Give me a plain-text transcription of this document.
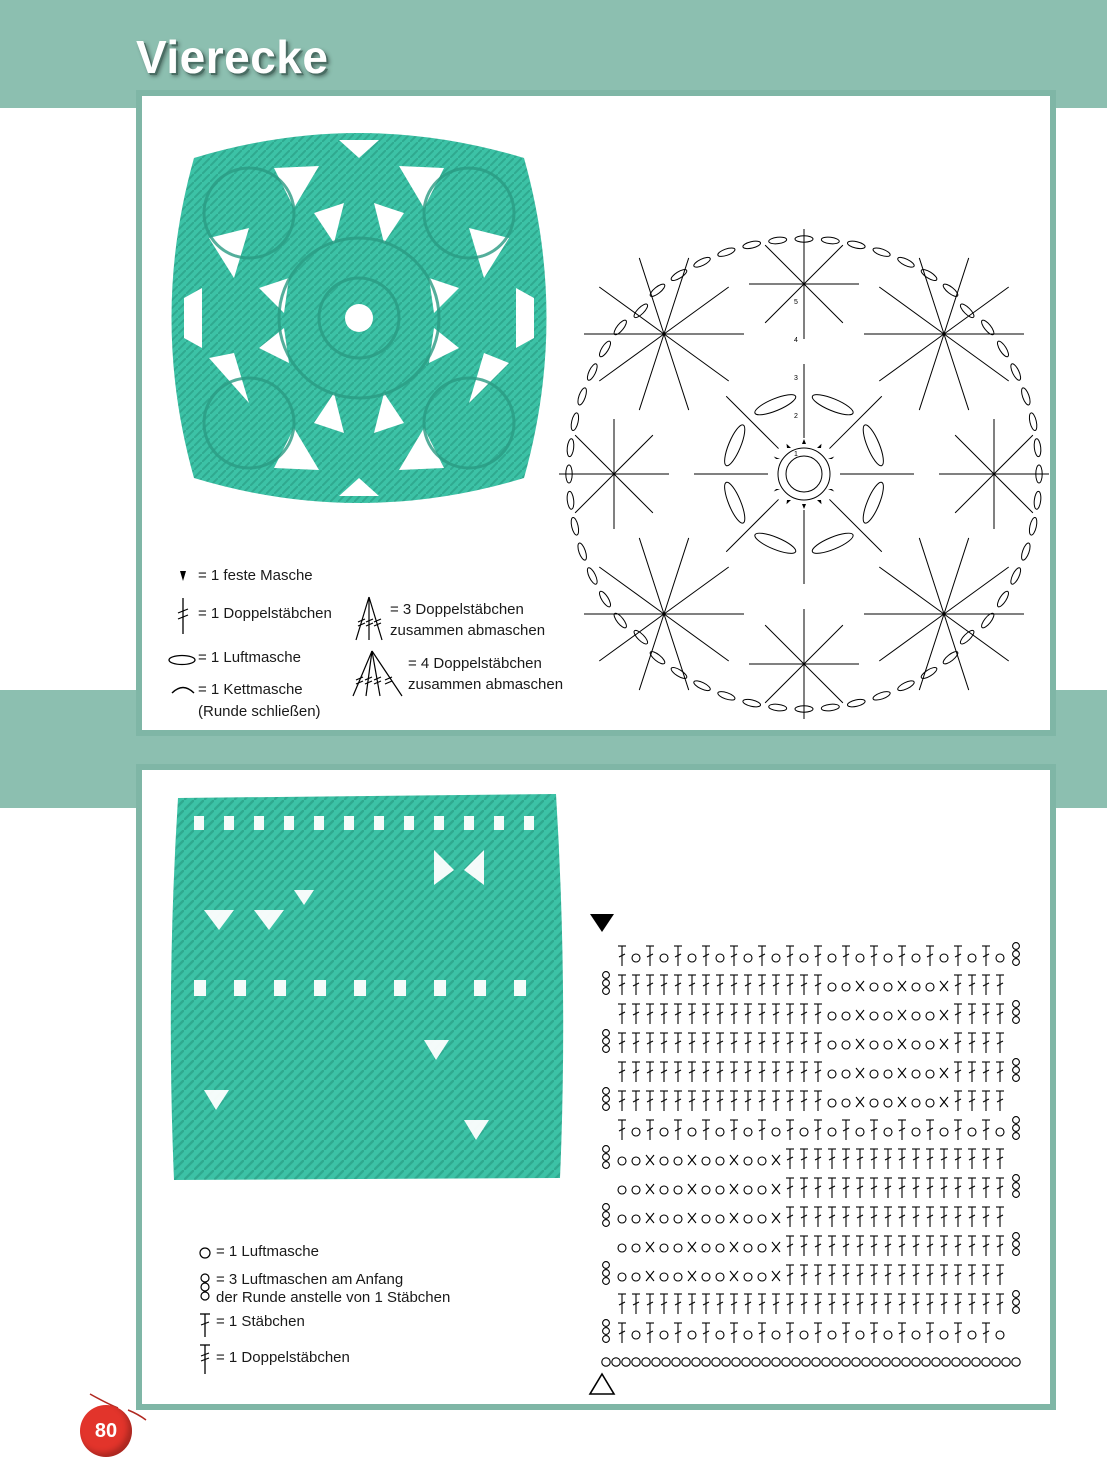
Vierecke
1
2
3
4
5
= 1 feste Masche
= 1 Doppelstäbchen
= 1 Luftmasche
= 1 Kettmasche
(Runde schließen)
= 3 Doppelstäbchen
zusammen abmaschen
= 4 Doppelstäbchen
zusammen abmaschen
= 1 Luftmasche
= 3 Luftmaschen am Anfang
der Runde anstelle von 1 Stäbchen
= 1 Stäbchen
= 1 Doppelstäbchen
80
